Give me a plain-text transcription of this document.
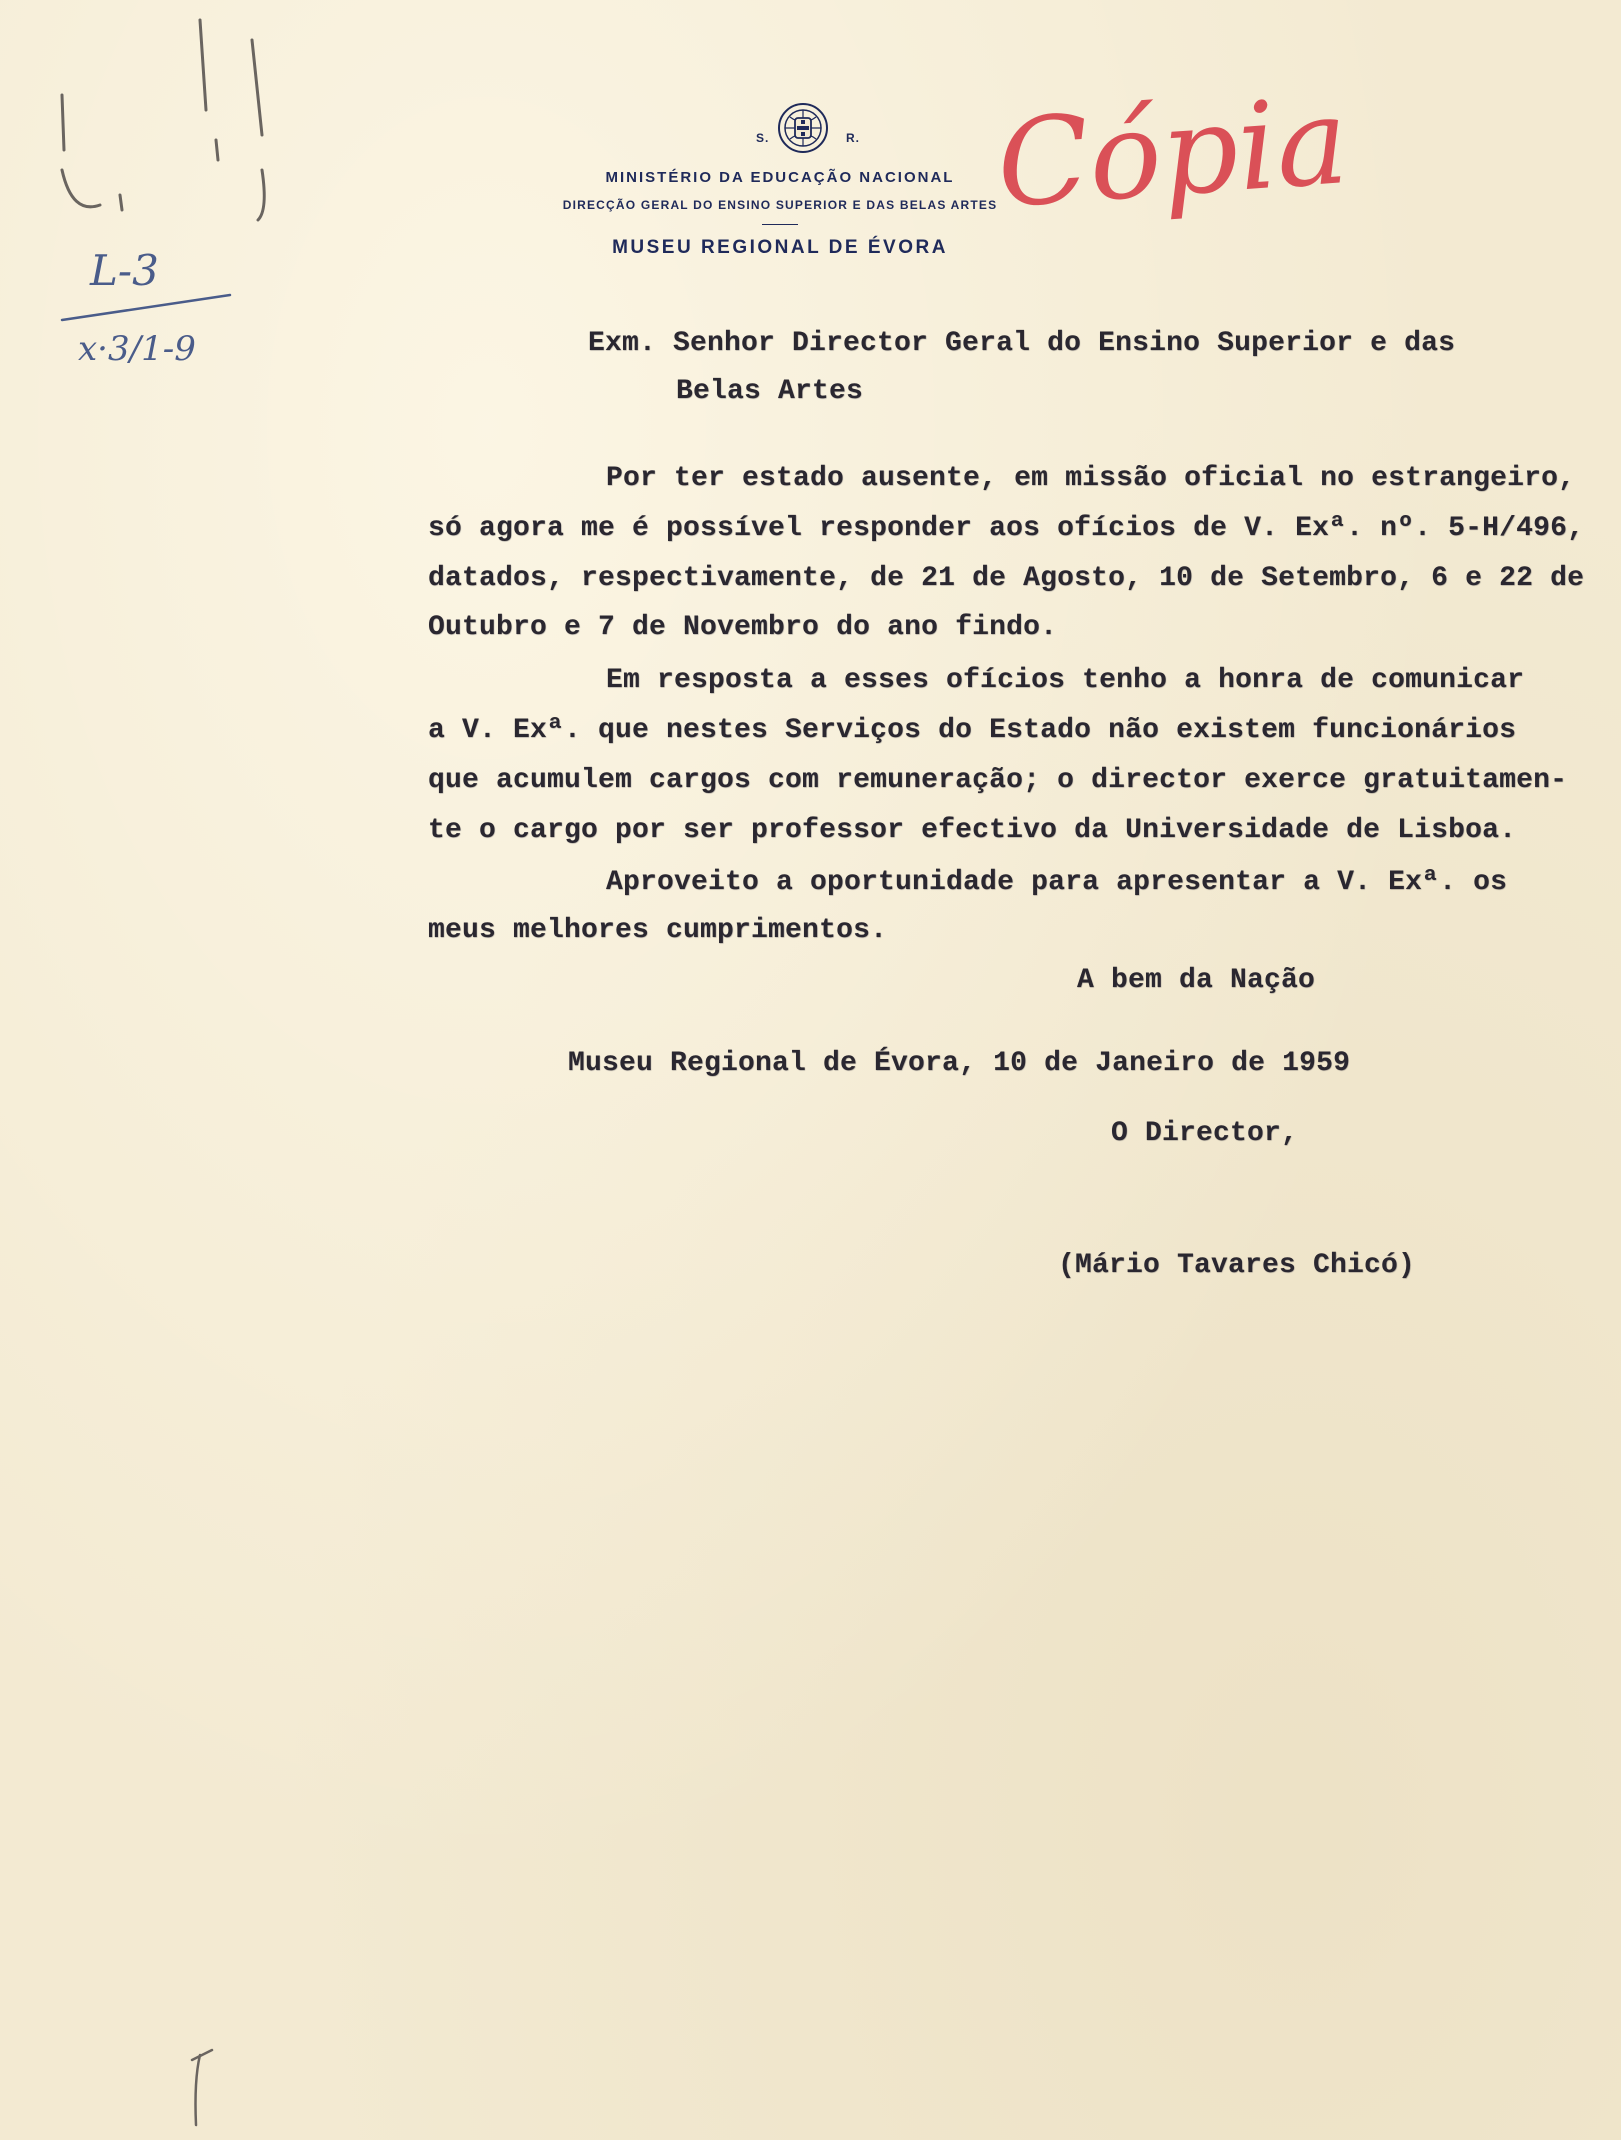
L-3
x·3/1-9
S.	R.
MINISTÉRIO DA EDUCAÇÃO NACIONAL
DIRECÇÃO GERAL DO ENSINO SUPERIOR E DAS BELAS ARTES
MUSEU REGIONAL DE ÉVORA
Cópia
Exm. Senhor Director Geral do Ensino Superior e das
Belas Artes
Por ter estado ausente, em missão oficial no estrangeiro,
só agora me é possível responder aos ofícios de V. Exª. nº. 5-H/496,
datados, respectivamente, de 21 de Agosto, 10 de Setembro, 6 e 22 de
Outubro e 7 de Novembro do ano findo.
Em resposta a esses ofícios tenho a honra de comunicar
a V. Exª. que nestes Serviços do Estado não existem funcionários
que acumulem cargos com remuneração; o director exerce gratuitamen-
te o cargo por ser professor efectivo da Universidade de Lisboa.
Aproveito a oportunidade para apresentar a V. Exª. os
meus melhores cumprimentos.
A bem da Nação
Museu Regional de Évora, 10 de Janeiro de 1959
O Director,
(Mário Tavares Chicó)
